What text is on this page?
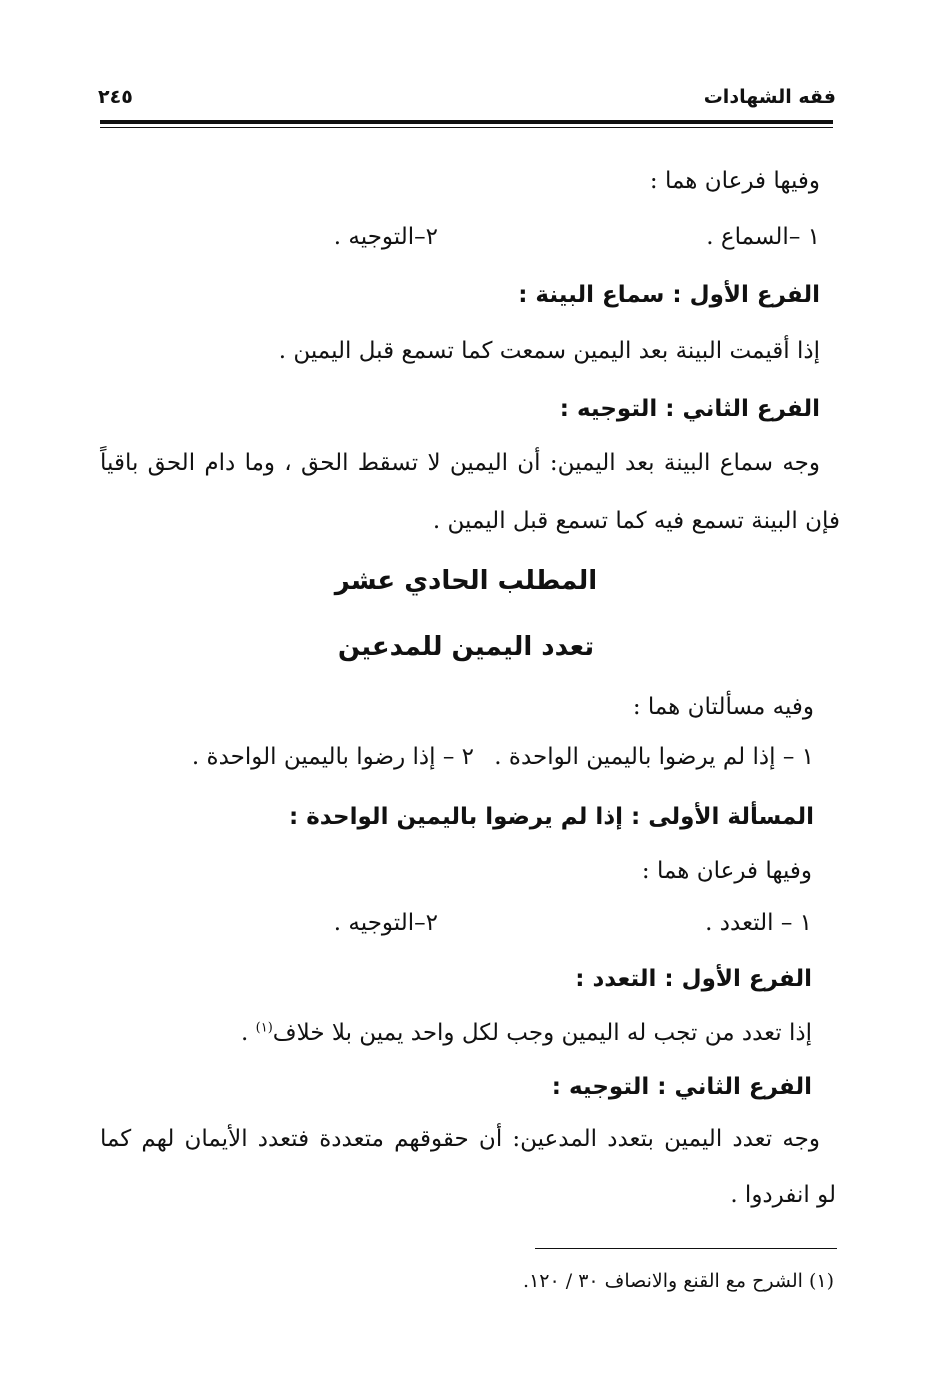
فقه الشهادات
٢٤٥
وفيها فرعان هما :
١ –السماع .
٢–التوجيه .
الفرع الأول : سماع البينة :
إذا أقيمت البينة بعد اليمين سمعت كما تسمع قبل اليمين .
الفرع الثاني : التوجيه :
وجه سماع البينة بعد اليمين: أن اليمين لا تسقط الحق ، وما دام الحق باقياً
فإن البينة تسمع فيه كما تسمع قبل اليمين .
المطلب الحادي عشر
تعدد اليمين للمدعين
وفيه مسألتان هما :
١ – إذا لم يرضوا باليمين الواحدة .
٢ – إذا رضوا باليمين الواحدة .
المسألة الأولى : إذا لم يرضوا باليمين الواحدة :
وفيها فرعان هما :
١ – التعدد .
٢–التوجيه .
الفرع الأول : التعدد :
إذا تعدد من تجب له اليمين وجب لكل واحد يمين بلا خلاف$^{(١)}$ .
الفرع الثاني : التوجيه :
وجه تعدد اليمين بتعدد المدعين: أن حقوقهم متعددة فتعدد الأيمان لهم كما
لو انفردوا .
(١) الشرح مع القنع والانصاف ٣٠ / ١٢٠.
